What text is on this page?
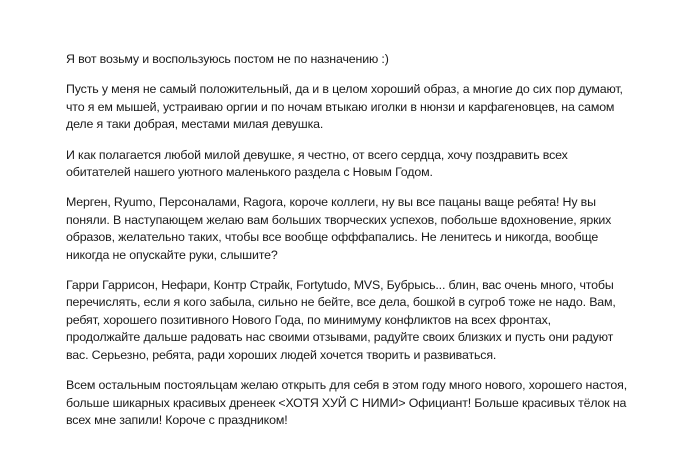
Я вот возьму и воспользуюсь постом не по назначению :)

Пусть у меня не самый положительный, да и в целом хороший образ, а многие до сих пор думают,
что я ем мышей, устраиваю оргии и по ночам втыкаю иголки в нюнзи и карфагеновцев, на самом
деле я таки добрая, местами милая девушка.

И как полагается любой милой девушке, я честно, от всего сердца, хочу поздравить всех
обитателей нашего уютного маленького раздела с Новым Годом.

Мерген, Ryumo, Персоналами, Ragora, короче коллеги, ну вы все пацаны ваще ребята! Ну вы
поняли. В наступающем желаю вам больших творческих успехов, побольше вдохновение, ярких
образов, желательно таких, чтобы все вообще офффапались. Не ленитесь и никогда, вообще
никогда не опускайте руки, слышите?

Гарри Гаррисон, Нефари, Контр Страйк, Fortytudo, MVS, Бубрысь... блин, вас очень много, чтобы
перечислять, если я кого забыла, сильно не бейте, все дела, бошкой в сугроб тоже не надо. Вам,
ребят, хорошего позитивного Нового Года, по минимуму конфликтов на всех фронтах,
продолжайте дальше радовать нас своими отзывами, радуйте своих близких и пусть они радуют
вас. Серьезно, ребята, ради хороших людей хочется творить и развиваться.

Всем остальным постояльцам желаю открыть для себя в этом году много нового, хорошего настоя,
больше шикарных красивых дренеек <ХОТЯ ХУЙ С НИМИ> Официант! Больше красивых тёлок на
всех мне запили! Короче с праздником!
